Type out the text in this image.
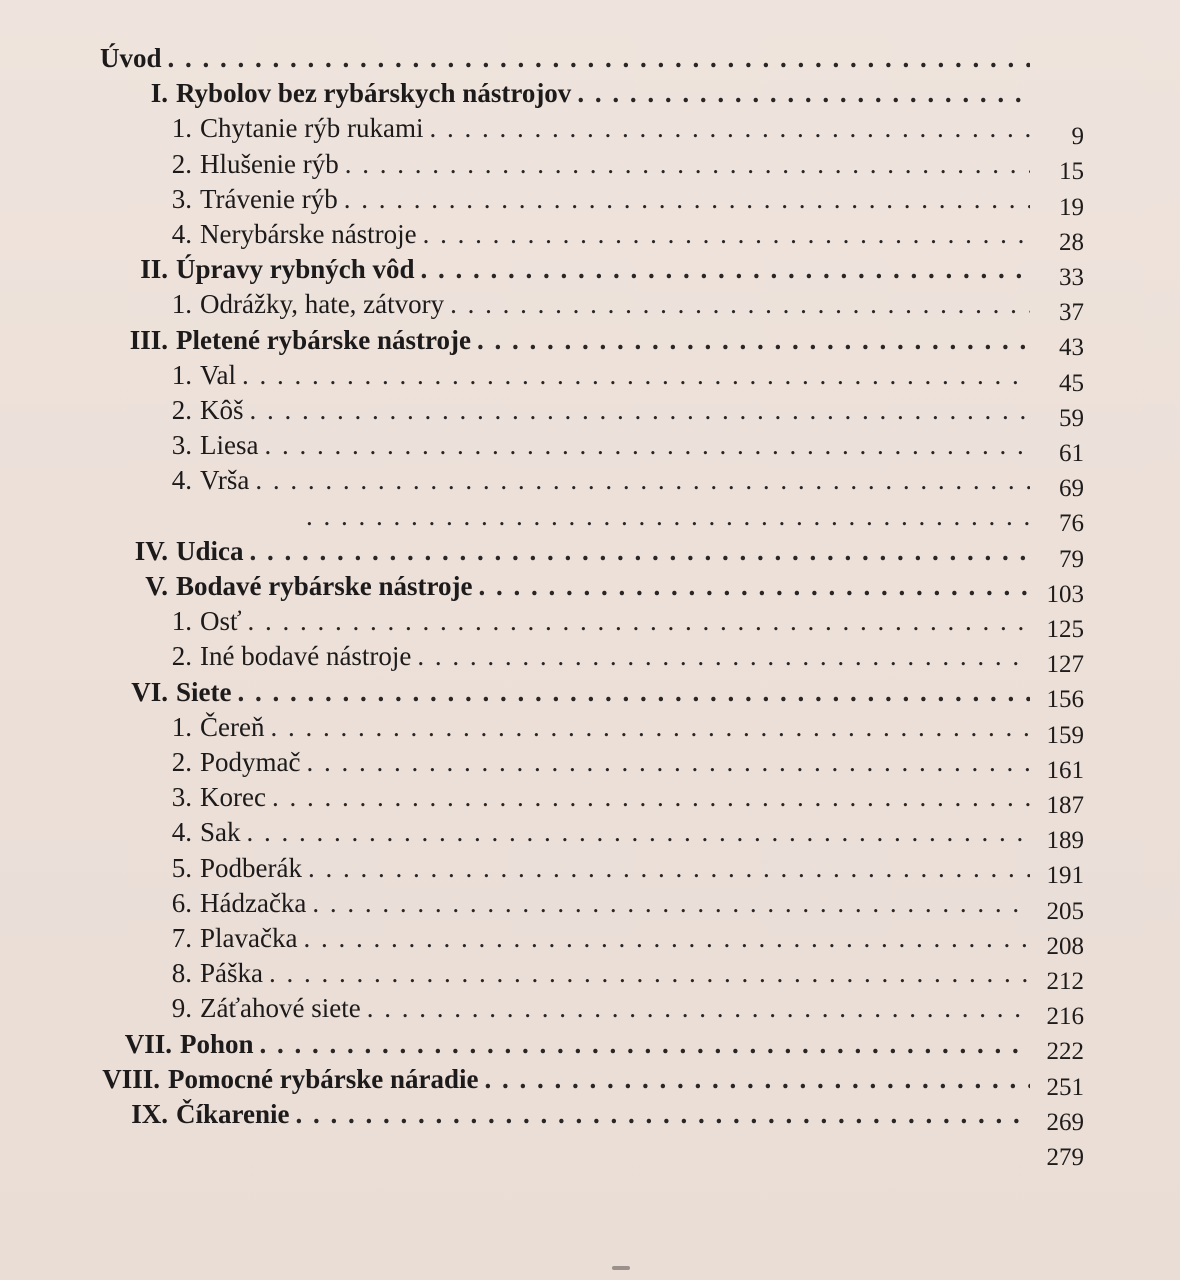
Úvod
. . .
I. Rybolov bez rybárskych nástrojov
. . .
9
1. Chytanie rýb rukami
. . .
15
2. Hlušenie rýb
. . .
19
3. Trávenie rýb
. . .
28
4. Nerybárske nástroje
. . .
33
II. Úpravy rybných vôd
. . .
37
1. Odrážky, hate, zátvory
. . .
43
III. Pletené rybárske nástroje
. . .
45
1. Val
. . .
59
2. Kôš
. . .
61
3. Liesa
. . .
69
4. Vrša
. . .
76
. . .
79
IV. Udica
. . .
103
V. Bodavé rybárske nástroje
. . .
125
1. Osť
. . .
127
2. Iné bodavé nástroje
. . .
156
VI. Siete
. . .
159
1. Čereň
. . .
161
2. Podymač
. . .
187
3. Korec
. . .
189
4. Sak
. . .
191
5. Podberák
. . .
205
6. Hádzačka
. . .
208
7. Plavačka
. . .
212
8. Páška
. . .
216
9. Záťahové siete
. . .
222
VII. Pohon
. . .
251
VIII. Pomocné rybárske náradie
. . .
269
IX. Číkarenie
. . .
279
